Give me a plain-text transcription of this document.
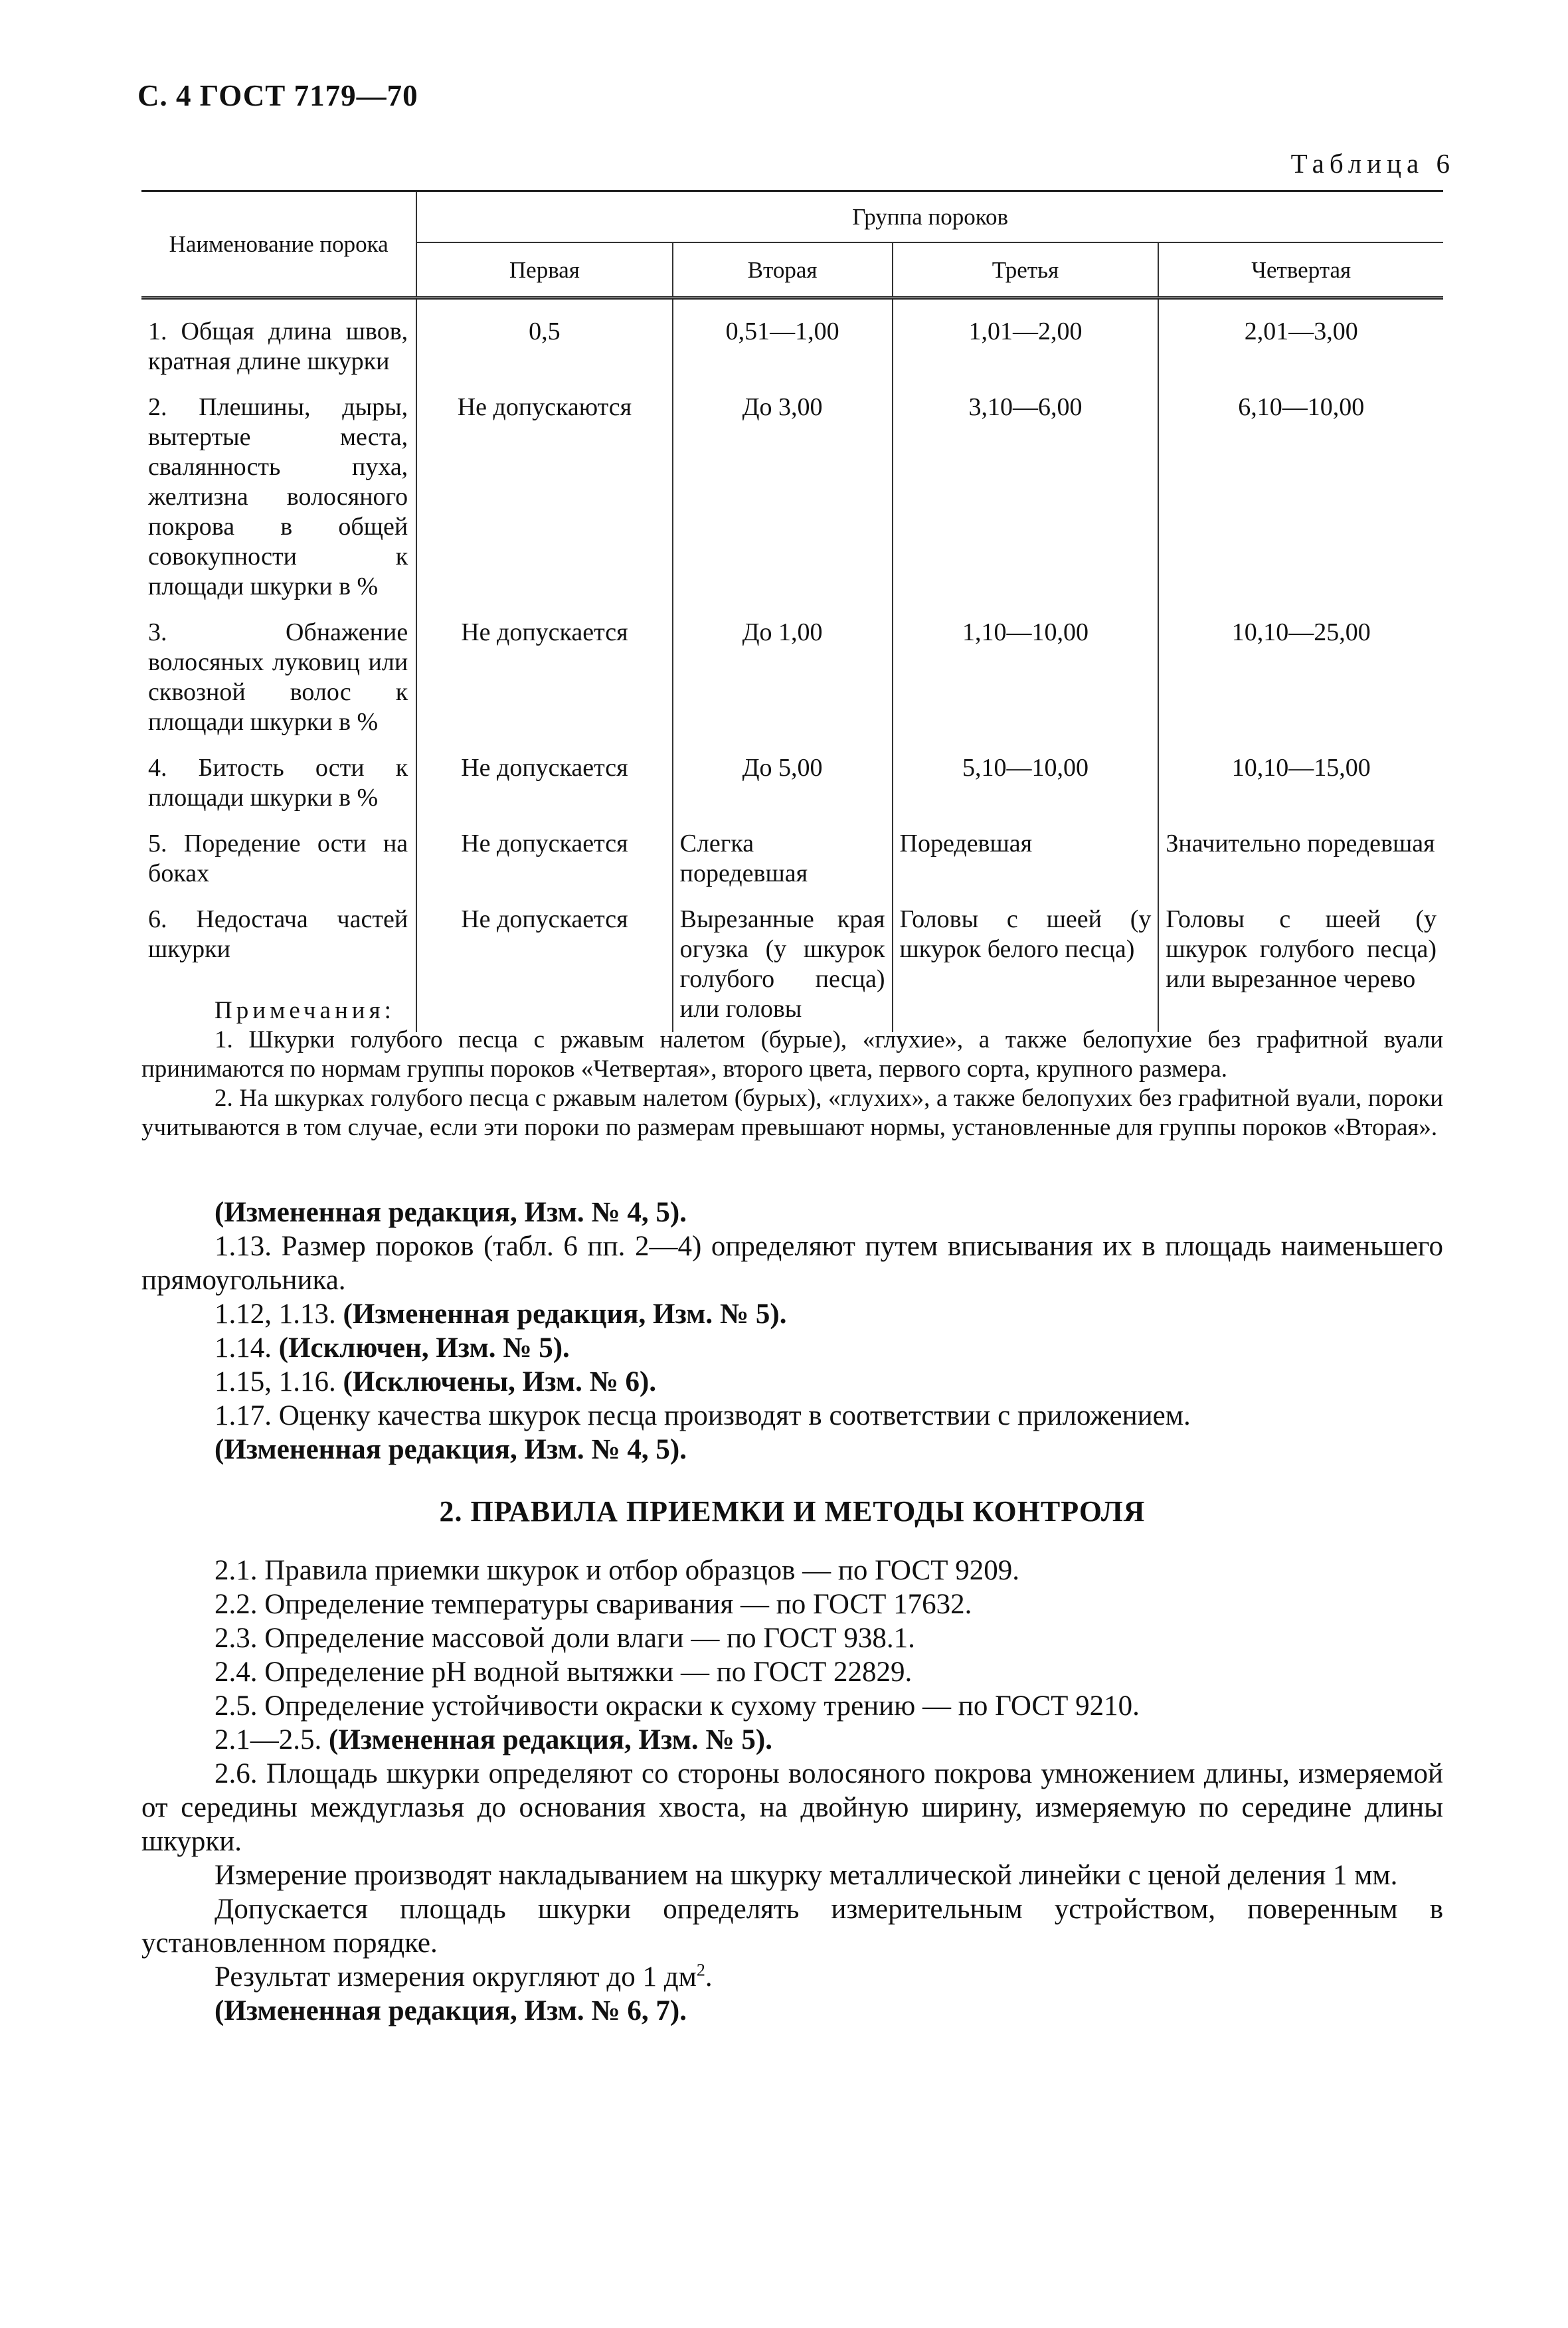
С. 4 ГОСТ 7179—70
Таблица 6
Наименование порока	Группа пороков			
	Первая	Вторая	Третья	Четвертая
1. Общая длина швов, кратная длине шкурки	0,5	0,51—1,00	1,01—2,00	2,01—3,00
2. Плешины, дыры, вытертые места, свалянность пуха, желтизна волосяного покрова в общей совокупности к площади шкурки в %	Не допускаются	До 3,00	3,10—6,00	6,10—10,00
3. Обнажение волосяных луковиц или сквозной волос к площади шкурки в %	Не допускается	До 1,00	1,10—10,00	10,10—25,00
4. Битость ости к площади шкурки в %	Не допускается	До 5,00	5,10—10,00	10,10—15,00
5. Поредение ости на боках	Не допускается	Слегка поредевшая	Поредевшая	Значительно поредевшая
6. Недостача частей шкурки	Не допускается	Вырезанные края огузка (у шкурок голубого песца) или головы	Головы с шеей (у шкурок белого песца)	Головы с шеей (у шкурок голубого песца) или вырезанное черево
Примечания:

1. Шкурки голубого песца с ржавым налетом (бурые), «глухие», а также белопухие без графитной вуали принимаются по нормам группы пороков «Четвертая», второго цвета, первого сорта, крупного размера.

2. На шкурках голубого песца с ржавым налетом (бурых), «глухих», а также белопухих без графитной вуали, пороки учитываются в том случае, если эти пороки по размерам превышают нормы, установленные для группы пороков «Вторая».

(Измененная редакция, Изм. № 4, 5).

1.13. Размер пороков (табл. 6 пп. 2—4) определяют путем вписывания их в площадь наименьшего прямоугольника.

1.12, 1.13. (Измененная редакция, Изм. № 5).

1.14. (Исключен, Изм. № 5).

1.15, 1.16. (Исключены, Изм. № 6).

1.17. Оценку качества шкурок песца производят в соответствии с приложением.

(Измененная редакция, Изм. № 4, 5).

2. ПРАВИЛА ПРИЕМКИ И МЕТОДЫ КОНТРОЛЯ

2.1. Правила приемки шкурок и отбор образцов — по ГОСТ 9209.

2.2. Определение температуры сваривания — по ГОСТ 17632.

2.3. Определение массовой доли влаги — по ГОСТ 938.1.

2.4. Определение pH водной вытяжки — по ГОСТ 22829.

2.5. Определение устойчивости окраски к сухому трению — по ГОСТ 9210.

2.1—2.5. (Измененная редакция, Изм. № 5).

2.6. Площадь шкурки определяют со стороны волосяного покрова умножением длины, измеряемой от середины междуглазья до основания хвоста, на двойную ширину, измеряемую по середине длины шкурки.

Измерение производят накладыванием на шкурку металлической линейки с ценой деления 1 мм.

Допускается площадь шкурки определять измерительным устройством, поверенным в установленном порядке.

Результат измерения округляют до 1 $дм^2$.

(Измененная редакция, Изм. № 6, 7).
